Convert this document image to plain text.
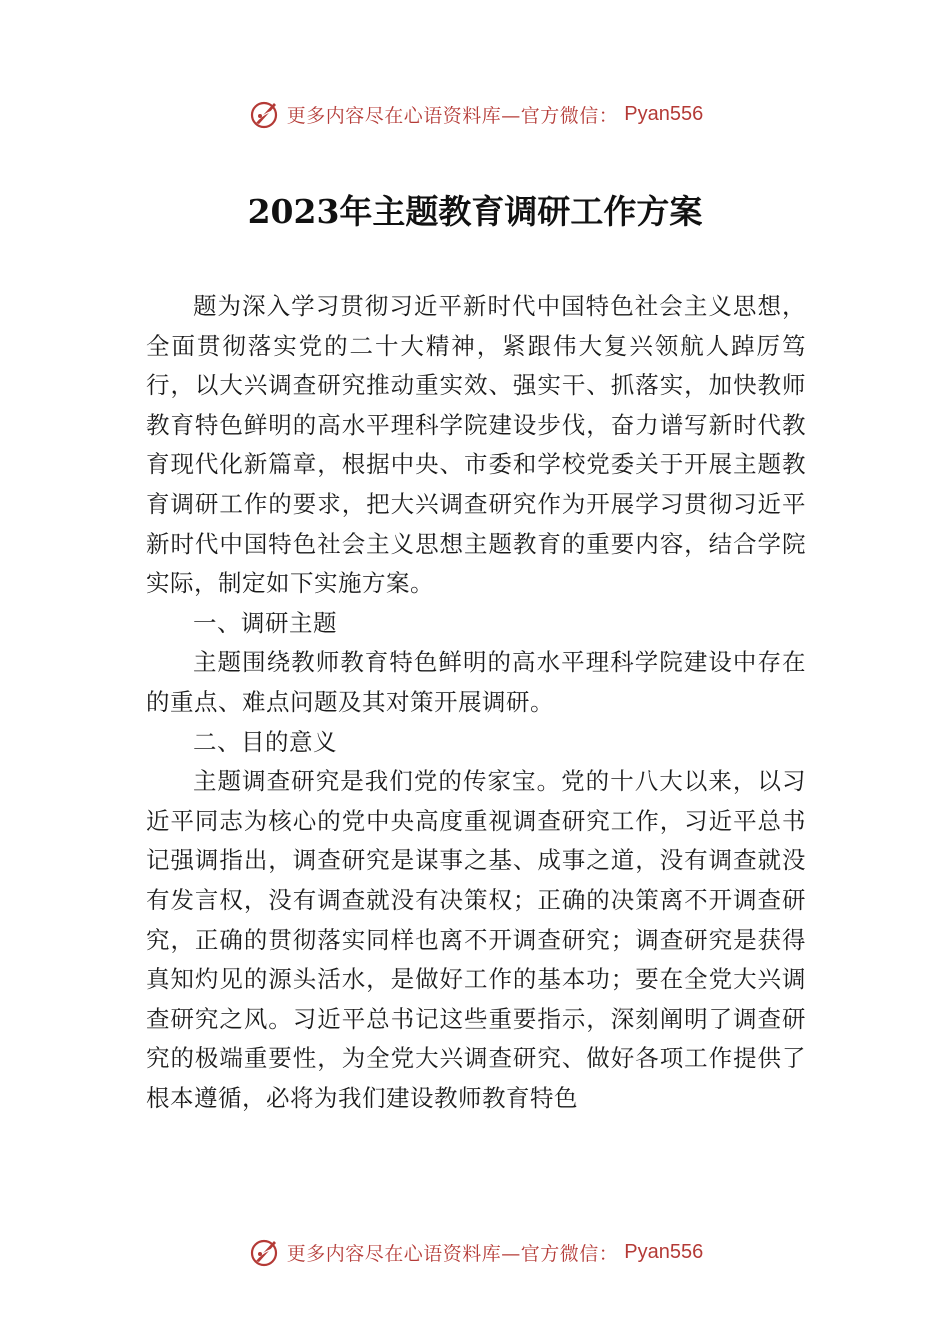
更多内容尽在心语资料库—官方微信： Pyan556
2023年主题教育调研工作方案

题为深入学习贯彻习近平新时代中国特色社会主义思想，全面贯彻落实党的二十大精神，紧跟伟大复兴领航人踔厉笃行，以大兴调查研究推动重实效、强实干、抓落实，加快教师教育特色鲜明的高水平理科学院建设步伐，奋力谱写新时代教育现代化新篇章，根据中央、市委和学校党委关于开展主题教育调研工作的要求，把大兴调查研究作为开展学习贯彻习近平新时代中国特色社会主义思想主题教育的重要内容，结合学院实际，制定如下实施方案。

一、调研主题

主题围绕教师教育特色鲜明的高水平理科学院建设中存在的重点、难点问题及其对策开展调研。

二、目的意义

主题调查研究是我们党的传家宝。党的十八大以来，以习近平同志为核心的党中央高度重视调查研究工作，习近平总书记强调指出，调查研究是谋事之基、成事之道，没有调查就没有发言权，没有调查就没有决策权；正确的决策离不开调查研究，正确的贯彻落实同样也离不开调查研究；调查研究是获得真知灼见的源头活水，是做好工作的基本功；要在全党大兴调查研究之风。习近平总书记这些重要指示，深刻阐明了调查研究的极端重要性，为全党大兴调查研究、做好各项工作提供了根本遵循，必将为我们建设教师教育特色

更多内容尽在心语资料库—官方微信： Pyan556
